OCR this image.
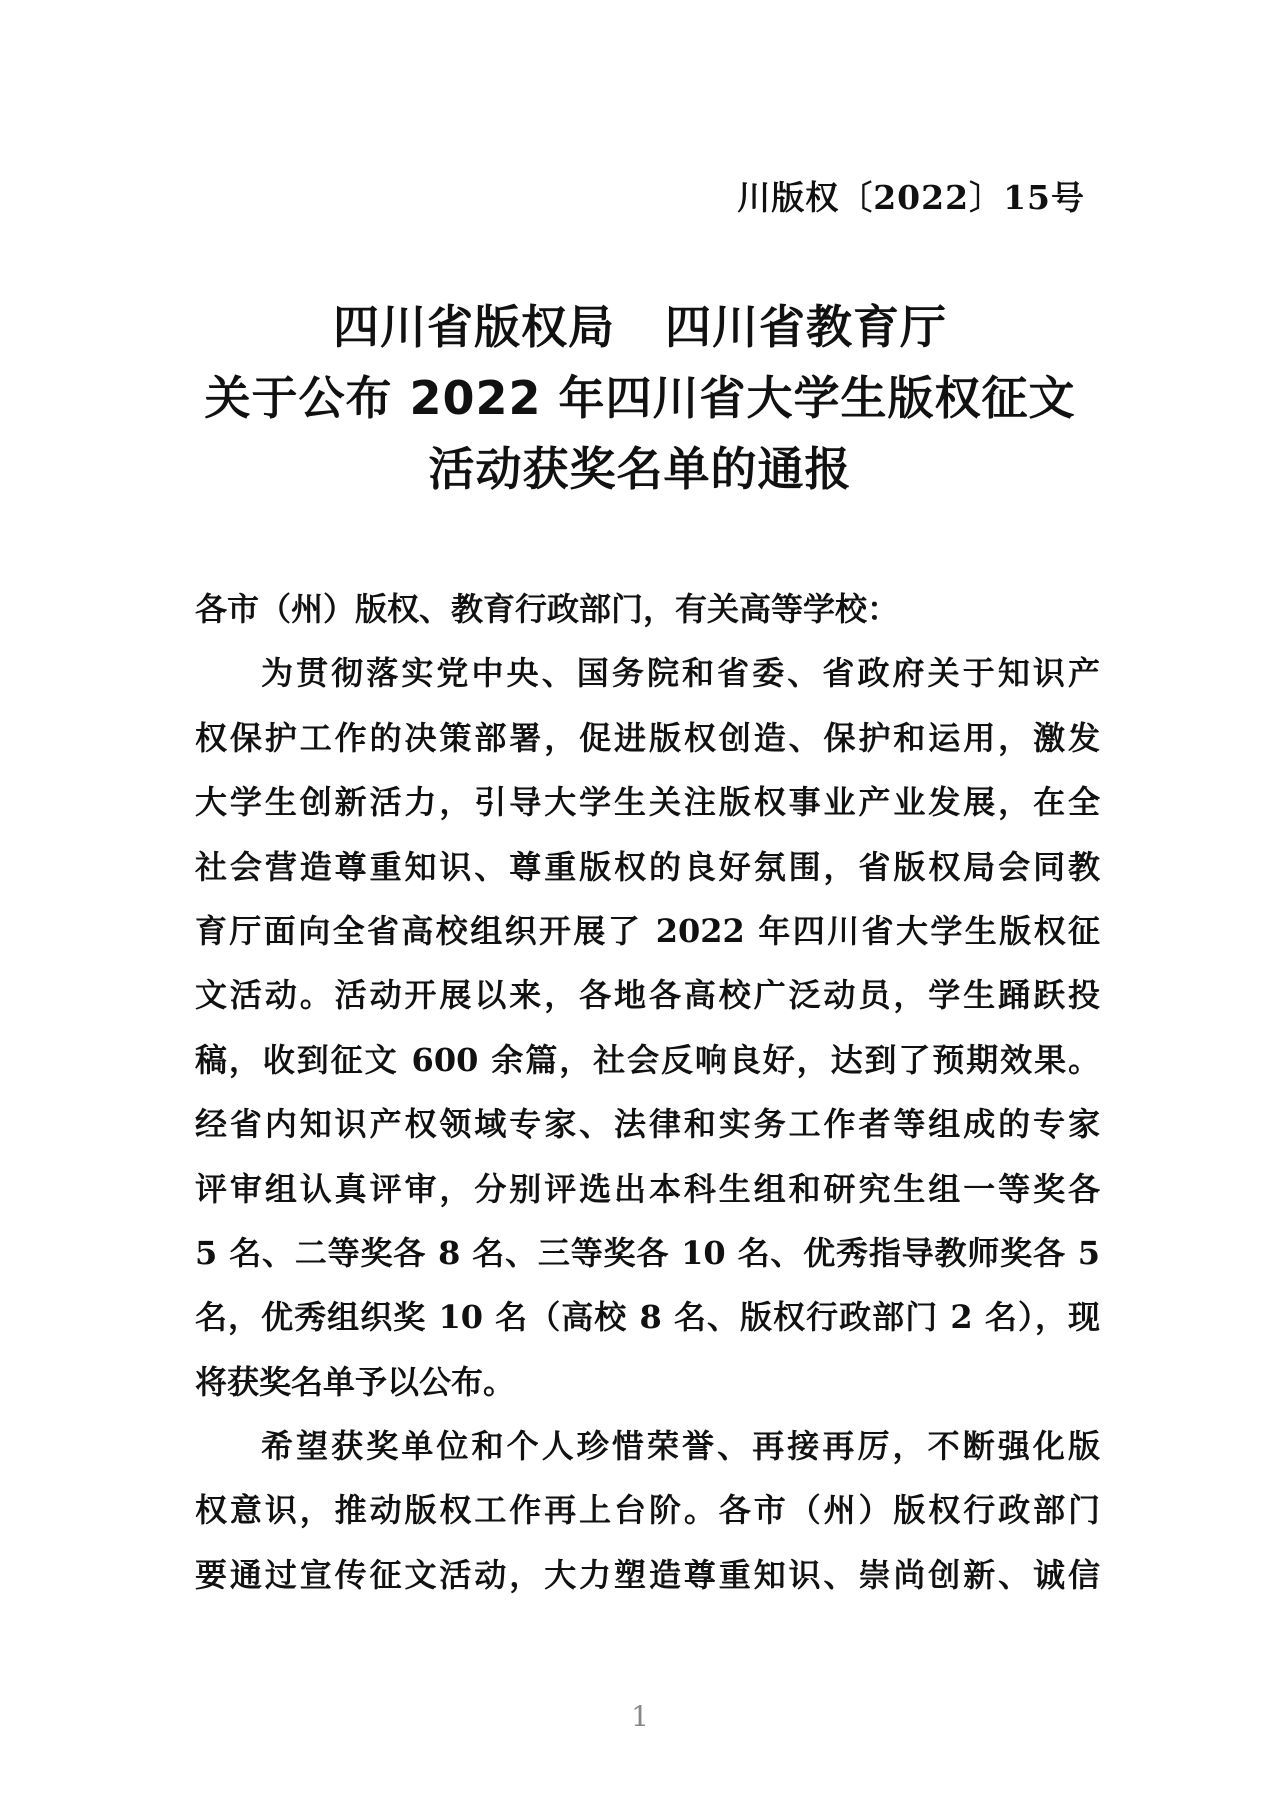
川版权〔2022〕15号
四川省版权局 四川省教育厅
关于公布 2022 年四川省大学生版权征文
活动获奖名单的通报
各市（州）版权、教育行政部门，有关高等学校：
为贯彻落实党中央、国务院和省委、省政府关于知识产
权保护工作的决策部署，促进版权创造、保护和运用，激发
大学生创新活力，引导大学生关注版权事业产业发展，在全
社会营造尊重知识、尊重版权的良好氛围，省版权局会同教
育厅面向全省高校组织开展了 2022 年四川省大学生版权征
文活动。活动开展以来，各地各高校广泛动员，学生踊跃投
稿，收到征文 600 余篇，社会反响良好，达到了预期效果。
经省内知识产权领域专家、法律和实务工作者等组成的专家
评审组认真评审，分别评选出本科生组和研究生组一等奖各
5 名、二等奖各 8 名、三等奖各 10 名、优秀指导教师奖各 5
名，优秀组织奖 10 名（高校 8 名、版权行政部门 2 名），现
将获奖名单予以公布。
希望获奖单位和个人珍惜荣誉、再接再厉，不断强化版
权意识，推动版权工作再上台阶。各市（州）版权行政部门
要通过宣传征文活动，大力塑造尊重知识、崇尚创新、诚信
1
